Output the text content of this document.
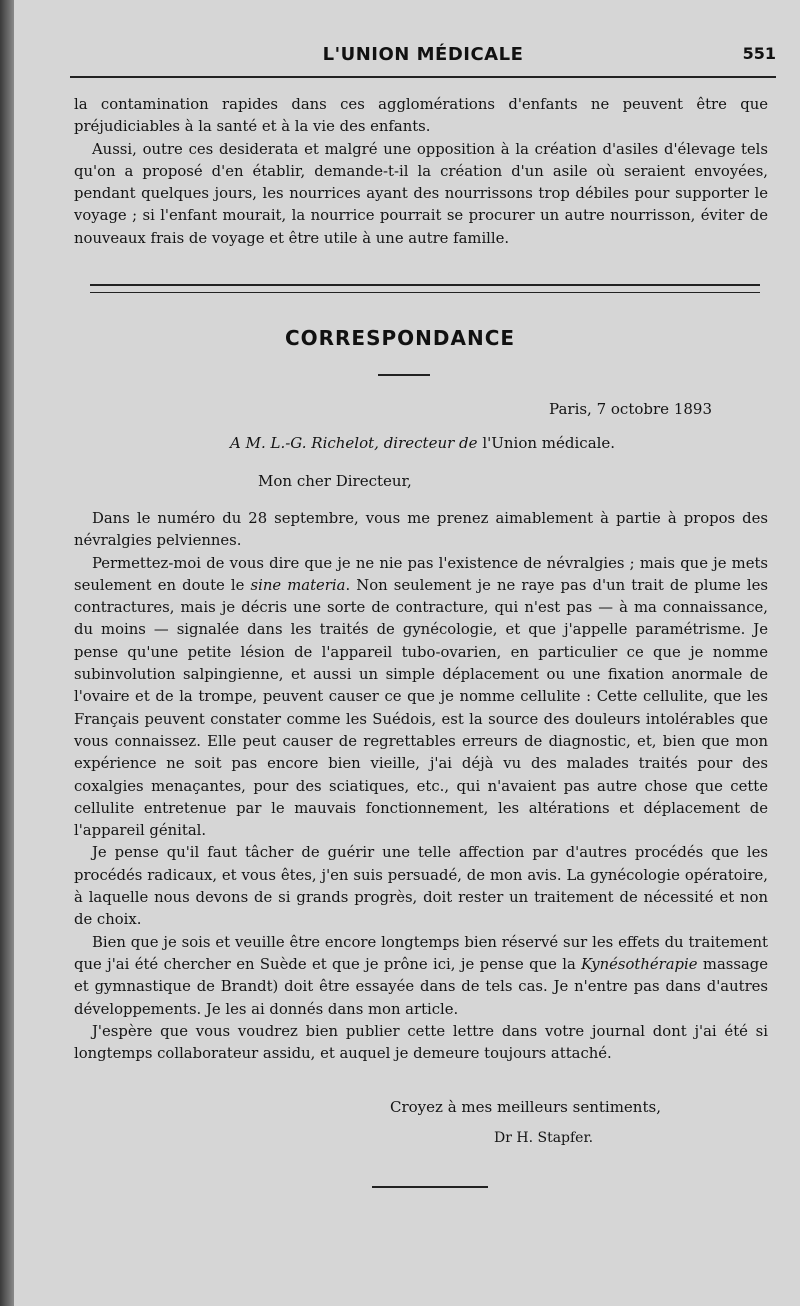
L'UNION MÉDICALE	551

la contamination rapides dans ces agglomérations d'enfants ne peuvent être que préjudiciables à la santé et à la vie des enfants.

Aussi, outre ces desiderata et malgré une opposition à la création d'asiles d'élevage tels qu'on a proposé d'en établir, demande-t-il la création d'un asile où seraient envoyées, pendant quelques jours, les nourrices ayant des nourrissons trop débiles pour supporter le voyage ; si l'enfant mourait, la nourrice pourrait se procurer un autre nourrisson, éviter de nouveaux frais de voyage et être utile à une autre famille.

CORRESPONDANCE
Paris, 7 octobre 1893
A M. L.-G. Richelot, directeur de l'Union médicale.
Mon cher Directeur,

Dans le numéro du 28 septembre, vous me prenez aimablement à partie à propos des névralgies pelviennes.

Permettez-moi de vous dire que je ne nie pas l'existence de névralgies ; mais que je mets seulement en doute le sine materia. Non seulement je ne raye pas d'un trait de plume les contractures, mais je décris une sorte de contracture, qui n'est pas — à ma connaissance, du moins — signalée dans les traités de gynécologie, et que j'appelle paramétrisme. Je pense qu'une petite lésion de l'appareil tubo-ovarien, en particulier ce que je nomme subinvolution salpingienne, et aussi un simple déplacement ou une fixation anormale de l'ovaire et de la trompe, peuvent causer ce que je nomme cellulite : Cette cellulite, que les Français peuvent constater comme les Suédois, est la source des douleurs intolérables que vous connaissez. Elle peut causer de regrettables erreurs de diagnostic, et, bien que mon expérience ne soit pas encore bien vieille, j'ai déjà vu des malades traités pour des coxalgies menaçantes, pour des sciatiques, etc., qui n'avaient pas autre chose que cette cellulite entretenue par le mauvais fonctionnement, les altérations et déplacement de l'appareil génital.

Je pense qu'il faut tâcher de guérir une telle affection par d'autres procédés que les procédés radicaux, et vous êtes, j'en suis persuadé, de mon avis. La gynécologie opératoire, à laquelle nous devons de si grands progrès, doit rester un traitement de nécessité et non de choix.

Bien que je sois et veuille être encore longtemps bien réservé sur les effets du traitement que j'ai été chercher en Suède et que je prône ici, je pense que la Kynésothérapie massage et gymnastique de Brandt) doit être essayée dans de tels cas. Je n'entre pas dans d'autres développements. Je les ai donnés dans mon article.

J'espère que vous voudrez bien publier cette lettre dans votre journal dont j'ai été si longtemps collaborateur assidu, et auquel je demeure toujours attaché.

Croyez à mes meilleurs sentiments,
Dr H. Stapfer.
